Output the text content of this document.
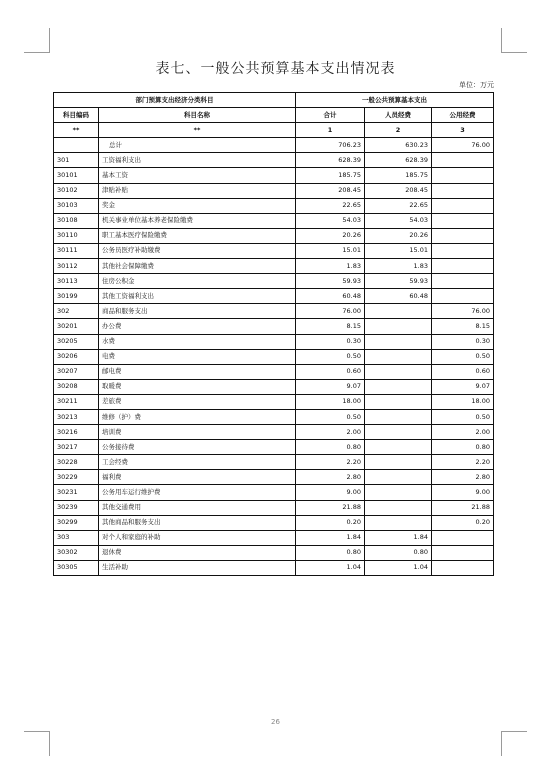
表七、一般公共预算基本支出情况表
单位：万元
部门预算支出经济分类科目		一般公共预算基本支出		
科目编码	科目名称	合计	人员经费	公用经费
**	**	1	2	3
	总计	706.23	630.23	76.00
301	工资福利支出	628.39	628.39	
30101	基本工资	185.75	185.75	
30102	津贴补贴	208.45	208.45	
30103	奖金	22.65	22.65	
30108	机关事业单位基本养老保险缴费	54.03	54.03	
30110	职工基本医疗保险缴费	20.26	20.26	
30111	公务员医疗补助缴费	15.01	15.01	
30112	其他社会保障缴费	1.83	1.83	
30113	住房公积金	59.93	59.93	
30199	其他工资福利支出	60.48	60.48	
302	商品和服务支出	76.00		76.00
30201	办公费	8.15		8.15
30205	水费	0.30		0.30
30206	电费	0.50		0.50
30207	邮电费	0.60		0.60
30208	取暖费	9.07		9.07
30211	差旅费	18.00		18.00
30213	维修（护）费	0.50		0.50
30216	培训费	2.00		2.00
30217	公务接待费	0.80		0.80
30228	工会经费	2.20		2.20
30229	福利费	2.80		2.80
30231	公务用车运行维护费	9.00		9.00
30239	其他交通费用	21.88		21.88
30299	其他商品和服务支出	0.20		0.20
303	对个人和家庭的补助	1.84	1.84	
30302	退休费	0.80	0.80	
30305	生活补助	1.04	1.04	
26
